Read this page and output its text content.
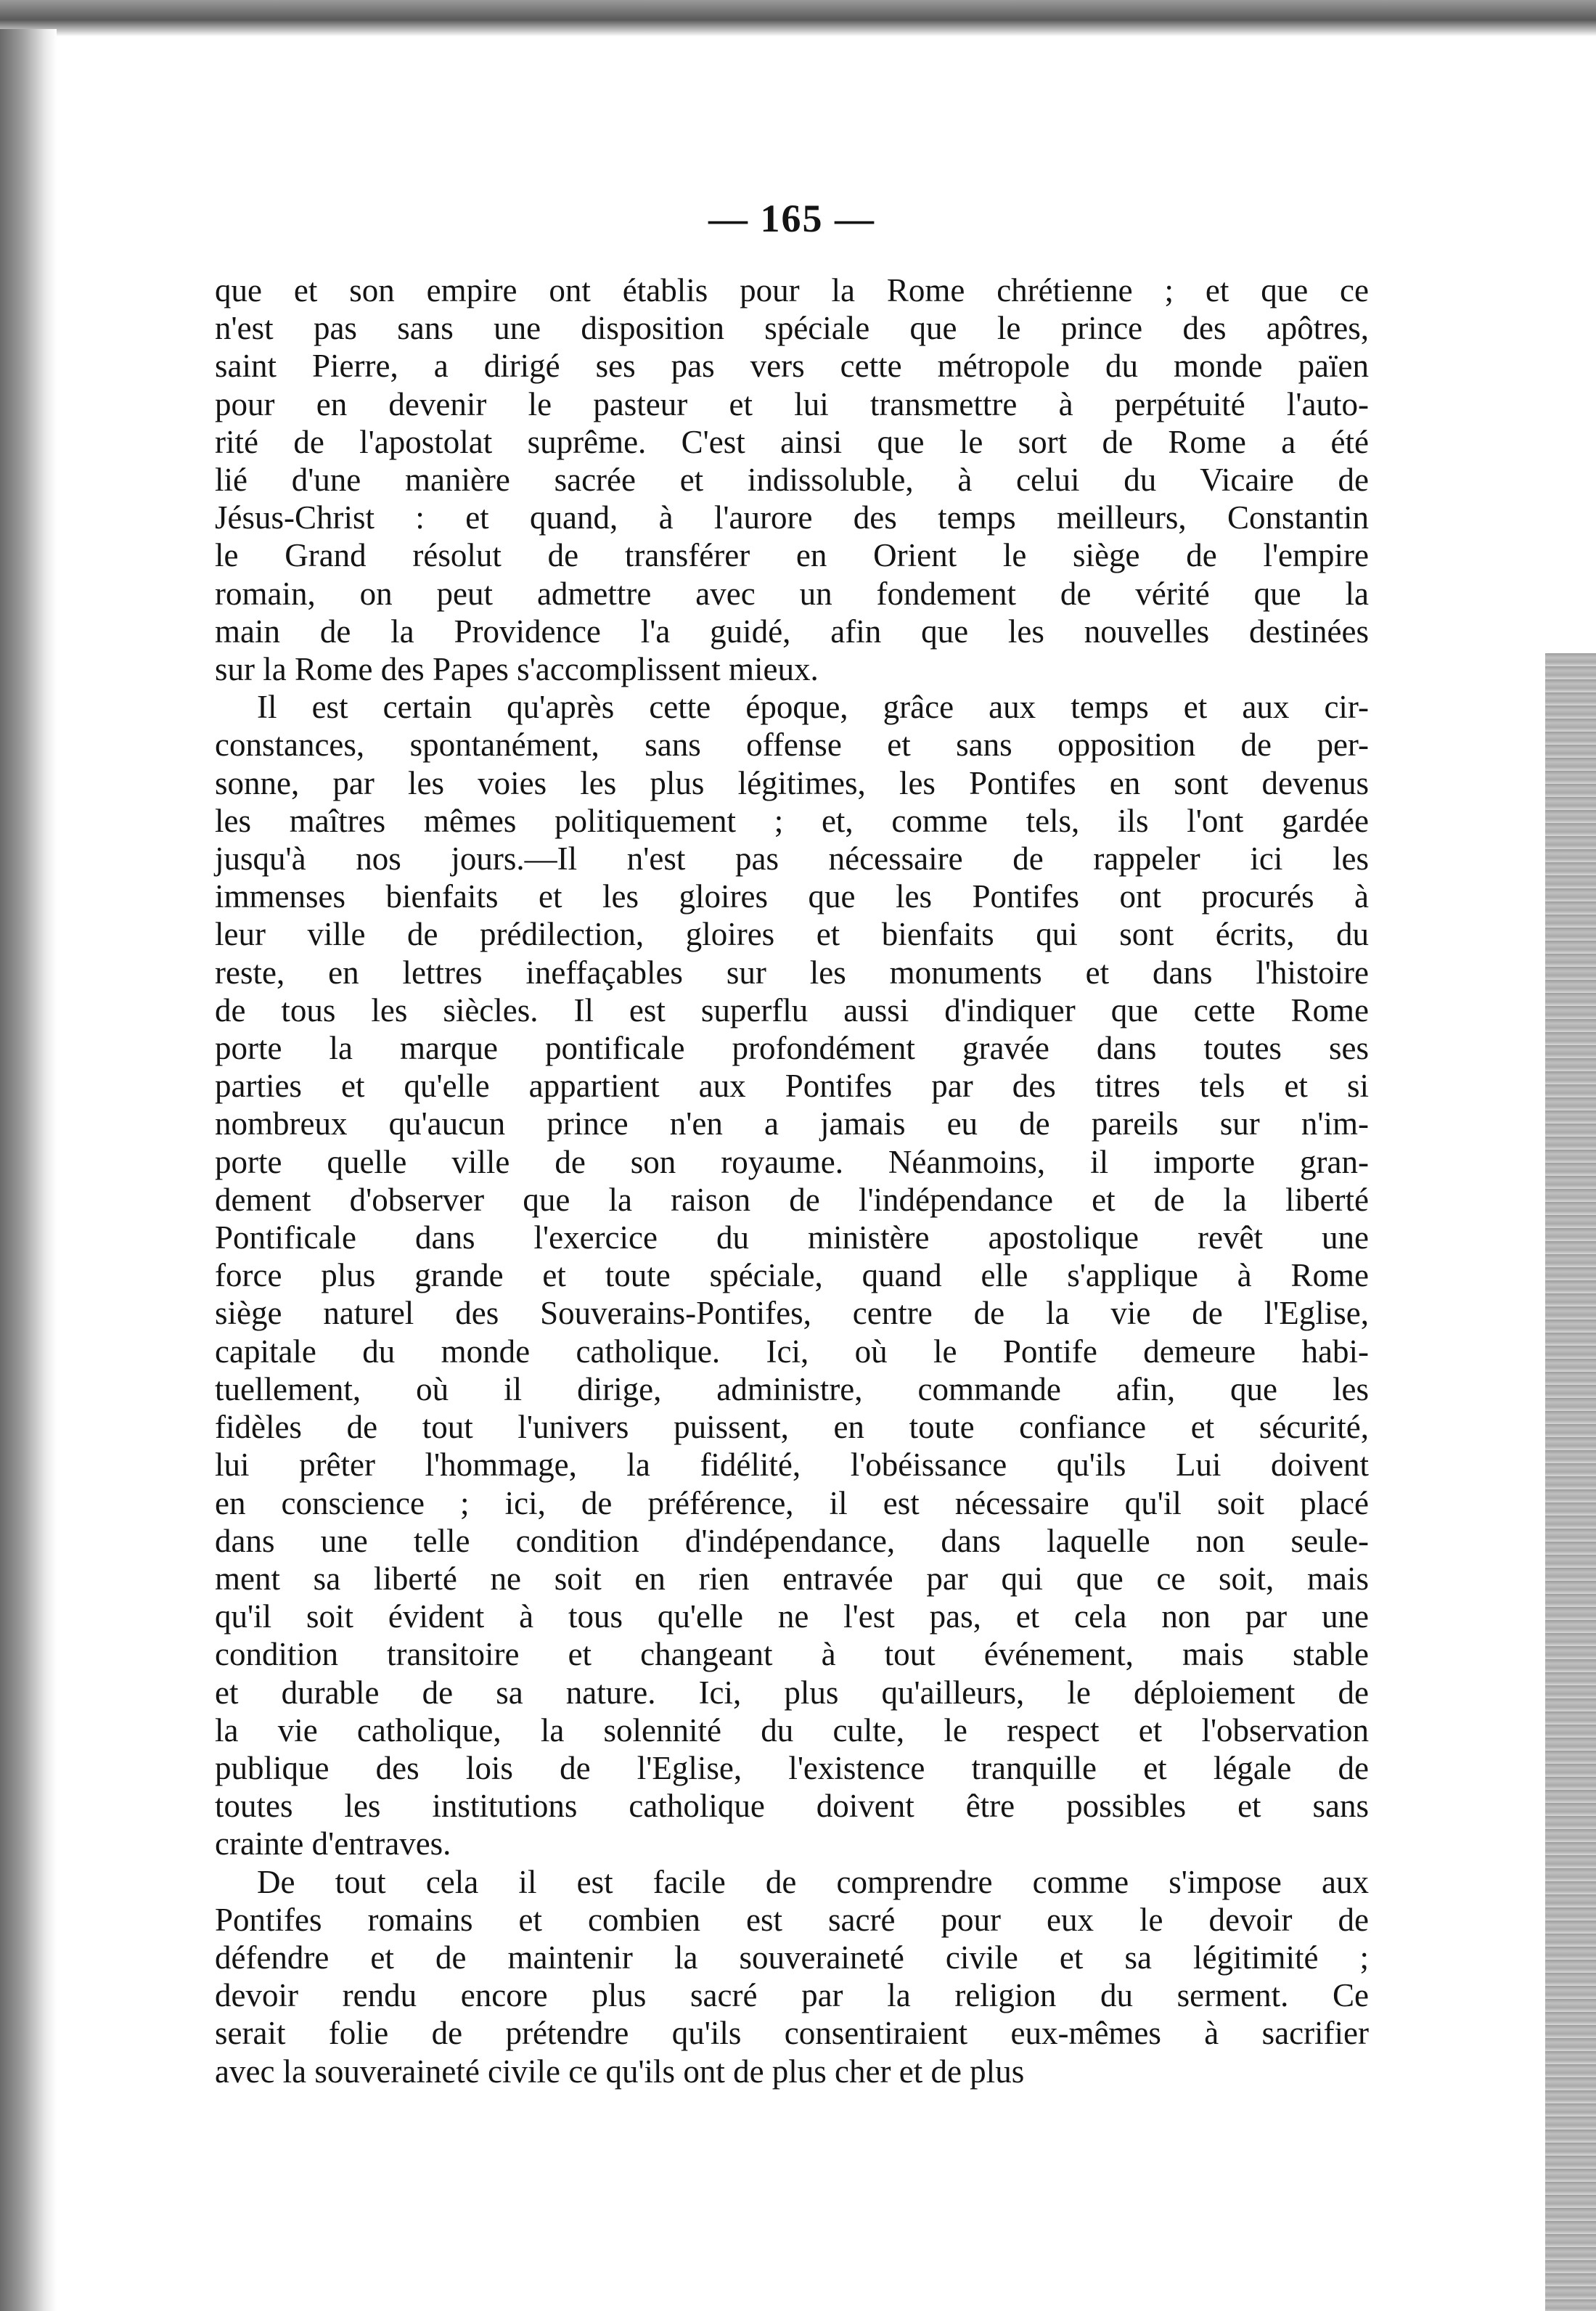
— 165 —

que et son empire ont établis pour la Rome chrétienne ; et que ce
n'est pas sans une disposition spéciale que le prince des apôtres,
saint Pierre, a dirigé ses pas vers cette métropole du monde païen
pour en devenir le pasteur et lui transmettre à perpétuité l'auto-
rité de l'apostolat suprême. C'est ainsi que le sort de Rome a été
lié d'une manière sacrée et indissoluble, à celui du Vicaire de
Jésus-Christ : et quand, à l'aurore des temps meilleurs, Constantin
le Grand résolut de transférer en Orient le siège de l'empire
romain, on peut admettre avec un fondement de vérité que la
main de la Providence l'a guidé, afin que les nouvelles destinées
sur la Rome des Papes s'accomplissent mieux.

Il est certain qu'après cette époque, grâce aux temps et aux cir-
constances, spontanément, sans offense et sans opposition de per-
sonne, par les voies les plus légitimes, les Pontifes en sont devenus
les maîtres mêmes politiquement ; et, comme tels, ils l'ont gardée
jusqu'à nos jours.—Il n'est pas nécessaire de rappeler ici les
immenses bienfaits et les gloires que les Pontifes ont procurés à
leur ville de prédilection, gloires et bienfaits qui sont écrits, du
reste, en lettres ineffaçables sur les monuments et dans l'histoire
de tous les siècles. Il est superflu aussi d'indiquer que cette Rome
porte la marque pontificale profondément gravée dans toutes ses
parties et qu'elle appartient aux Pontifes par des titres tels et si
nombreux qu'aucun prince n'en a jamais eu de pareils sur n'im-
porte quelle ville de son royaume. Néanmoins, il importe gran-
dement d'observer que la raison de l'indépendance et de la liberté
Pontificale dans l'exercice du ministère apostolique revêt une
force plus grande et toute spéciale, quand elle s'applique à Rome
siège naturel des Souverains-Pontifes, centre de la vie de l'Eglise,
capitale du monde catholique. Ici, où le Pontife demeure habi-
tuellement, où il dirige, administre, commande afin, que les
fidèles de tout l'univers puissent, en toute confiance et sécurité,
lui prêter l'hommage, la fidélité, l'obéissance qu'ils Lui doivent
en conscience ; ici, de préférence, il est nécessaire qu'il soit placé
dans une telle condition d'indépendance, dans laquelle non seule-
ment sa liberté ne soit en rien entravée par qui que ce soit, mais
qu'il soit évident à tous qu'elle ne l'est pas, et cela non par une
condition transitoire et changeant à tout événement, mais stable
et durable de sa nature. Ici, plus qu'ailleurs, le déploiement de
la vie catholique, la solennité du culte, le respect et l'observation
publique des lois de l'Eglise, l'existence tranquille et légale de
toutes les institutions catholique doivent être possibles et sans
crainte d'entraves.

De tout cela il est facile de comprendre comme s'impose aux
Pontifes romains et combien est sacré pour eux le devoir de
défendre et de maintenir la souveraineté civile et sa légitimité ;
devoir rendu encore plus sacré par la religion du serment. Ce
serait folie de prétendre qu'ils consentiraient eux-mêmes à sacrifier
avec la souveraineté civile ce qu'ils ont de plus cher et de plus
